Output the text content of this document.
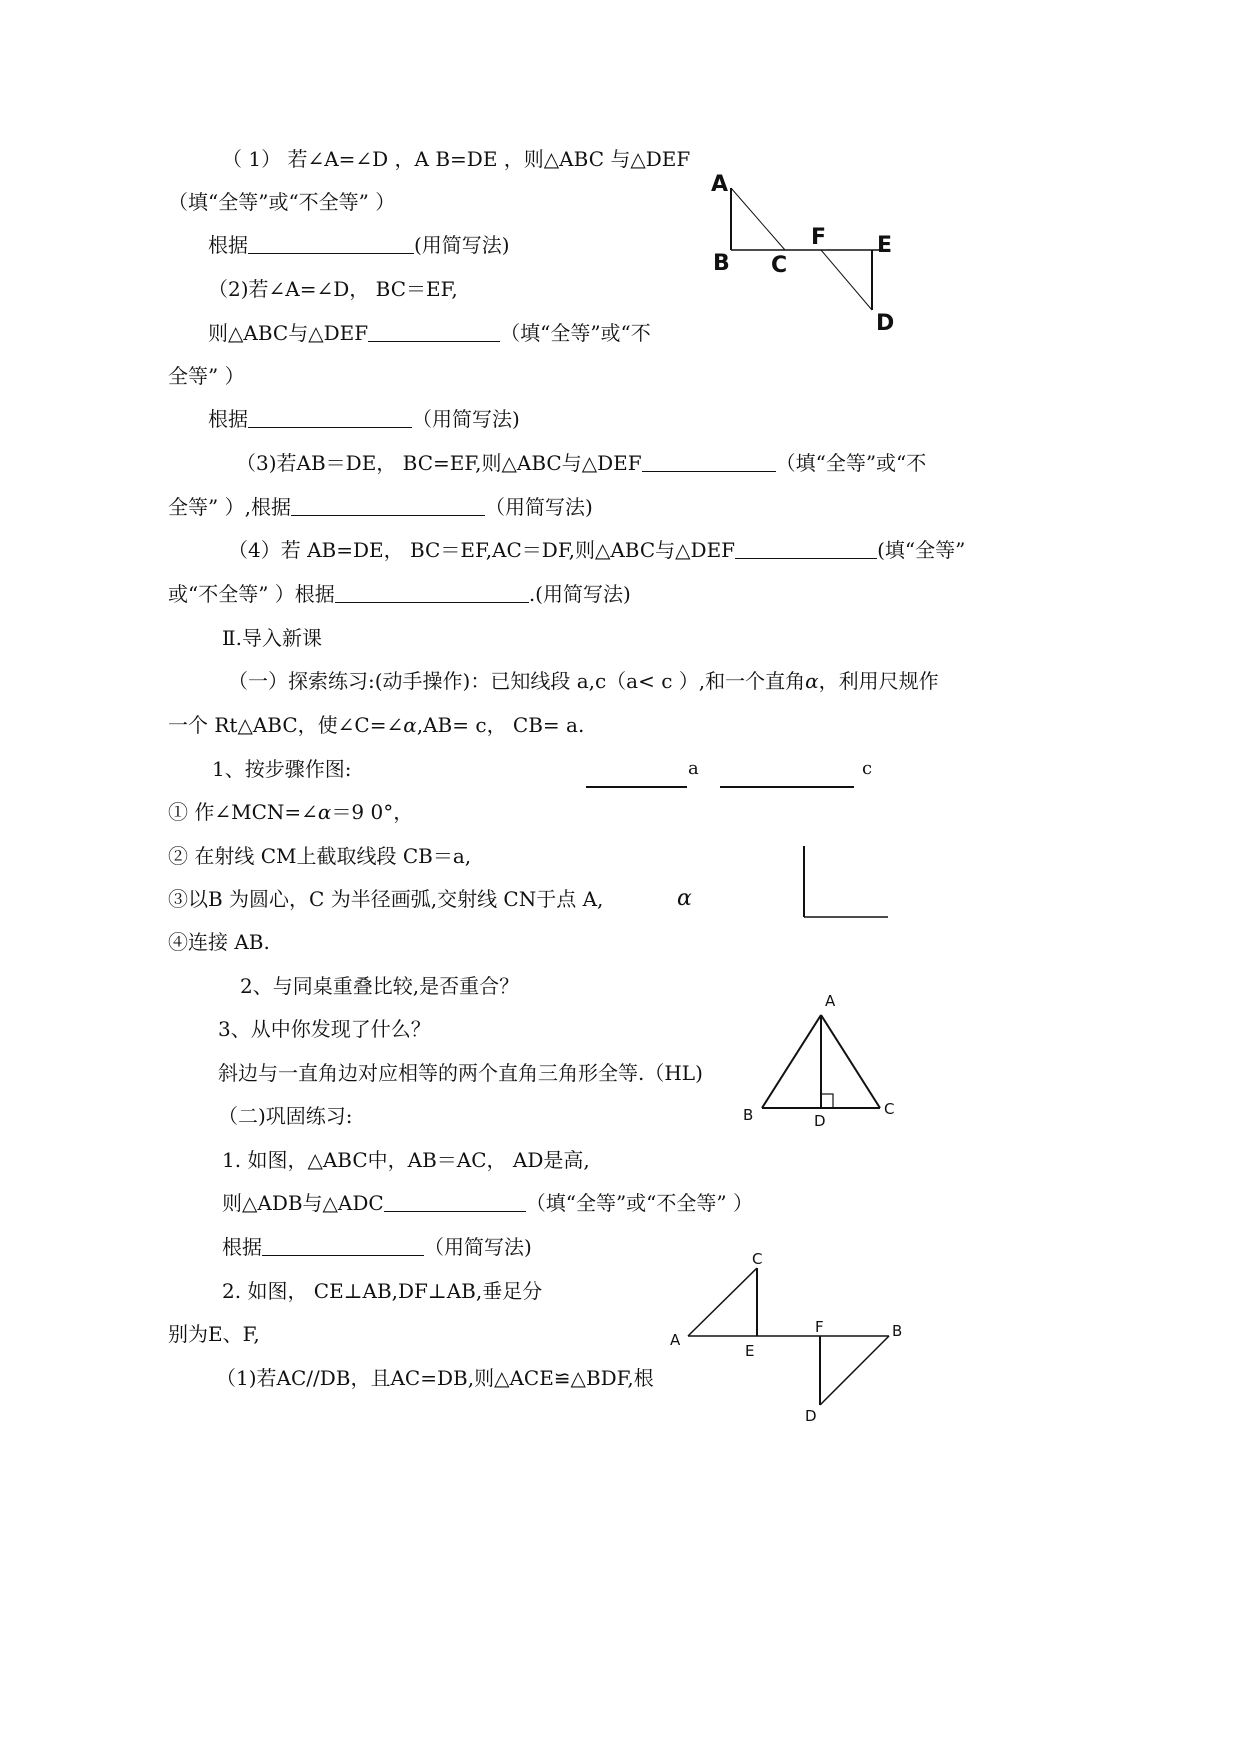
（ 1） 若∠A=∠D ，A B=DE ，则△ABC 与△DEF
（填“全等”或“不全等” ）
根据	(用简写法)
（2)若∠A=∠D， BC＝EF,
则△ABC与△DEF	（填“全等”或“不
全等” ）
根据	（用简写法)
（3)若AB＝DE， BC=EF,则△ABC与△DEF	（填“全等”或“不
全等” ）,根据	（用简写法)
（4）若 AB=DE， BC＝EF,AC＝DF,则△ABC与△DEF	(填“全等”
或“不全等” ）根据	.(用简写法)
Ⅱ.导入新课
（一）探索练习:(动手操作)：已知线段 a,c（a< c ）,和一个直角α，利用尺规作
一个 Rt△ABC，使∠C=∠α,AB= c， CB= a.
1、按步骤作图:	a	c
① 作∠MCN=∠α＝9 0°，
② 在射线 CM上截取线段 CB＝a,
③以B 为圆心，C 为半径画弧,交射线 CN于点 A,	α
④连接 AB.
2、与同桌重叠比较,是否重合？
3、从中你发现了什么？
斜边与一直角边对应相等的两个直角三角形全等.（HL)
（二)巩固练习:
1. 如图，△ABC中，AB＝AC， AD是高,
则△ADB与△ADC	（填“全等”或“不全等” ）
根据	（用简写法)
2. 如图， CE⊥AB,DF⊥AB,垂足分
别为E、F,
（1)若AC//DB，且AC=DB,则△ACE≌△BDF,根
A
B C
F E
D
A
B	D
C
C
A
E
F	B
D
